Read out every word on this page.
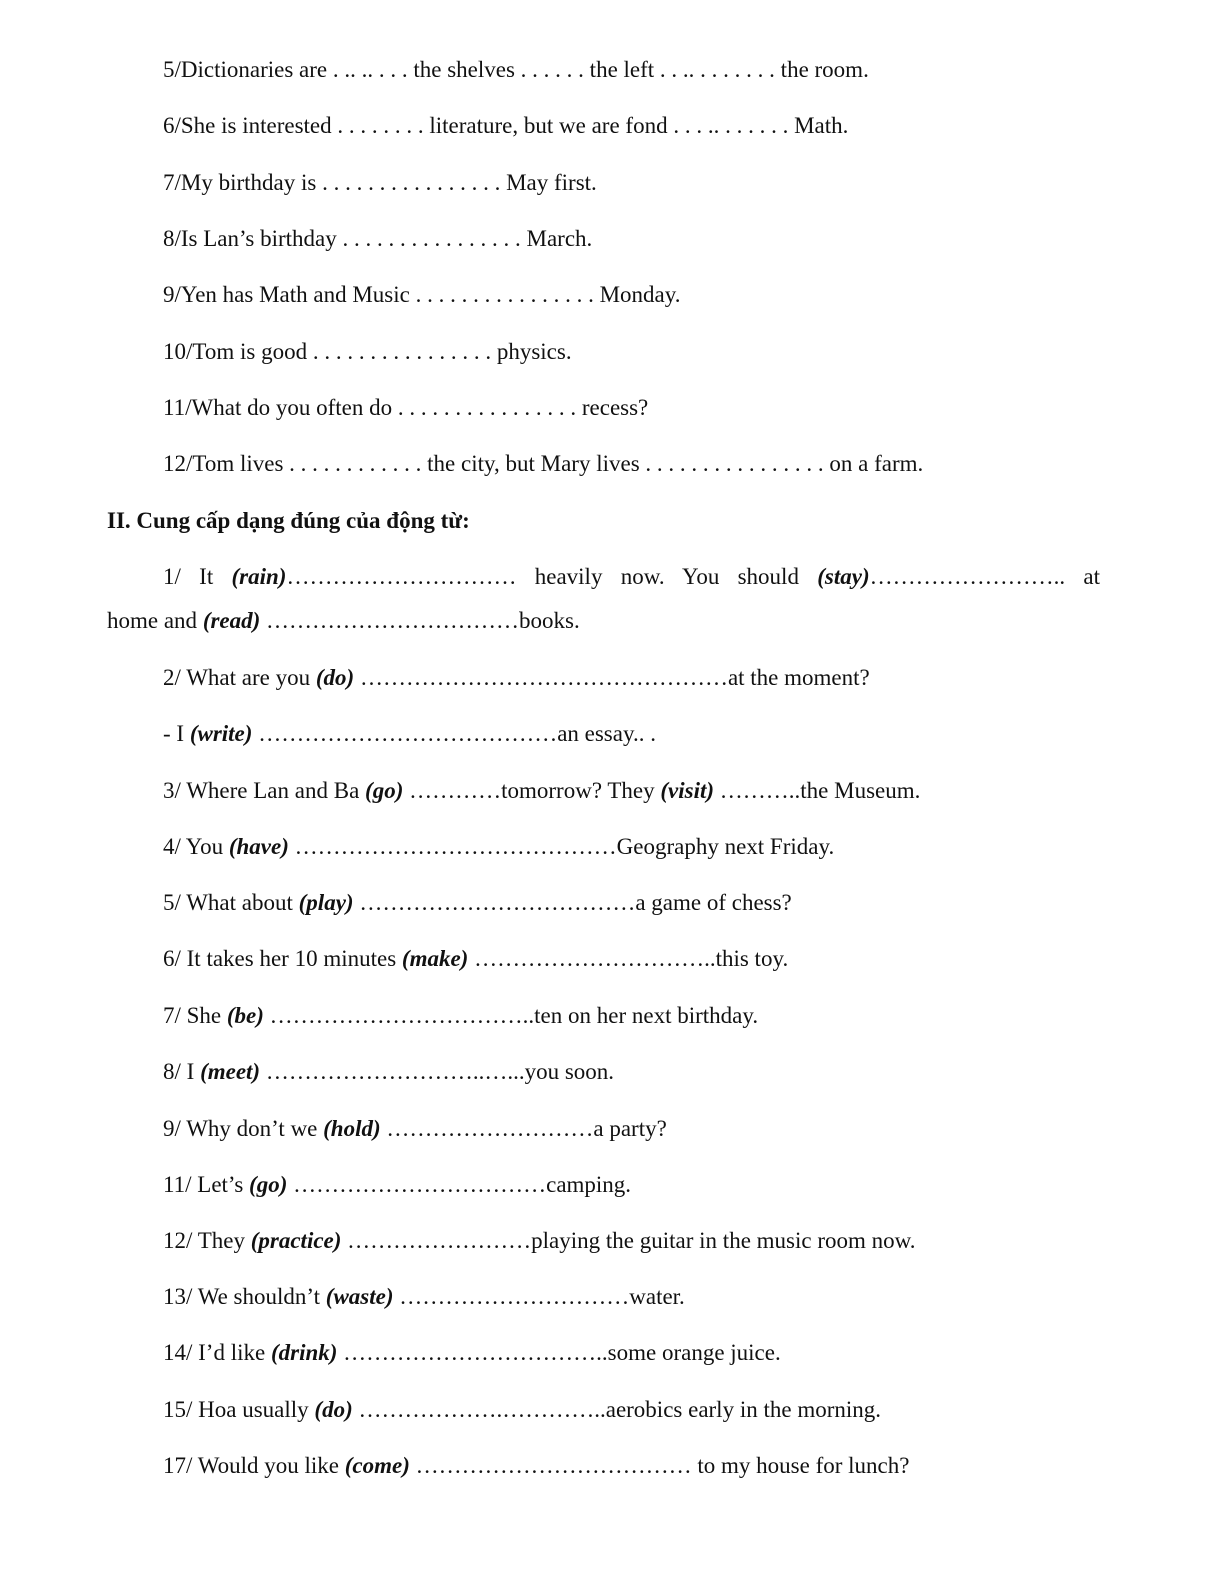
5/Dictionaries are . .. .. . . . the shelves . . . . . . the left . . .. . . . . . . . the room.
6/She is interested . . . . . . . . literature, but we are fond . . . .. . . . . . . Math.
7/My birthday is . . . . . . . . . . . . . . . . May first.
8/Is Lan’s birthday . . . . . . . . . . . . . . . . March.
9/Yen has Math and Music . . . . . . . . . . . . . . . . Monday.
10/Tom is good . . . . . . . . . . . . . . . . physics.
11/What do you often do . . . . . . . . . . . . . . . . recess?
12/Tom lives . . . . . . . . . . . . the city, but Mary lives . . . . . . . . . . . . . . . . on a farm.
II. Cung cấp dạng đúng của động từ:
1/ It (rain)………………………… heavily now. You should (stay)…………………….. at
home and (read) ……………………………books.
2/ What are you (do) …………………………………………at the moment?
- I (write) …………………………………an essay.. .
3/ Where Lan and Ba (go) …………tomorrow? They (visit) ………..the Museum.
4/ You (have) ……………………………………Geography next Friday.
5/ What about (play) ………………………………a game of chess?
6/ It takes her 10 minutes (make) …………………………..this toy.
7/ She (be) ……………………………..ten on her next birthday.
8/ I (meet) ………………………..…...you soon.
9/ Why don’t we (hold) ………………………a party?
11/ Let’s (go) ……………………………camping.
12/ They (practice) ……………………playing the guitar in the music room now.
13/ We shouldn’t (waste) …………………………water.
14/ I’d like (drink) ……………………………..some orange juice.
15/ Hoa usually (do) ……………….…………..aerobics early in the morning.
17/ Would you like (come) ……………………………… to my house for lunch?
